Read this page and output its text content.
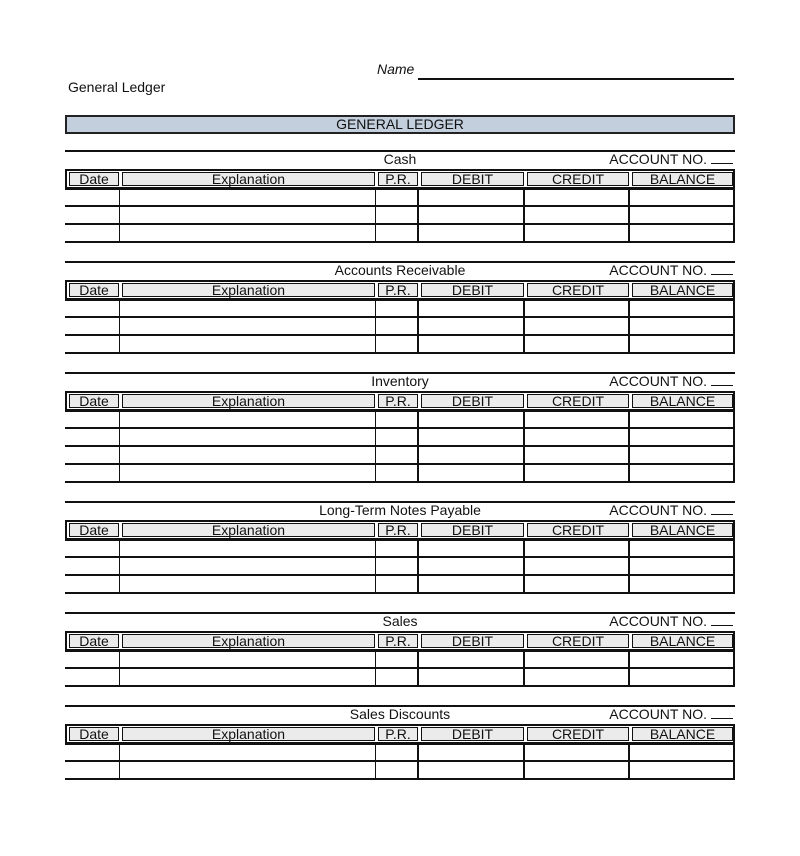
Name
General Ledger
GENERAL LEDGER
Cash	ACCOUNT NO.
Date	Explanation	P.R.	DEBIT	CREDIT	BALANCE
Accounts Receivable	ACCOUNT NO.
Date	Explanation	P.R.	DEBIT	CREDIT	BALANCE
Inventory	ACCOUNT NO.
Date	Explanation	P.R.	DEBIT	CREDIT	BALANCE
Long-Term Notes Payable	ACCOUNT NO.
Date	Explanation	P.R.	DEBIT	CREDIT	BALANCE
Sales	ACCOUNT NO.
Date	Explanation	P.R.	DEBIT	CREDIT	BALANCE
Sales Discounts	ACCOUNT NO.
Date	Explanation	P.R.	DEBIT	CREDIT	BALANCE
